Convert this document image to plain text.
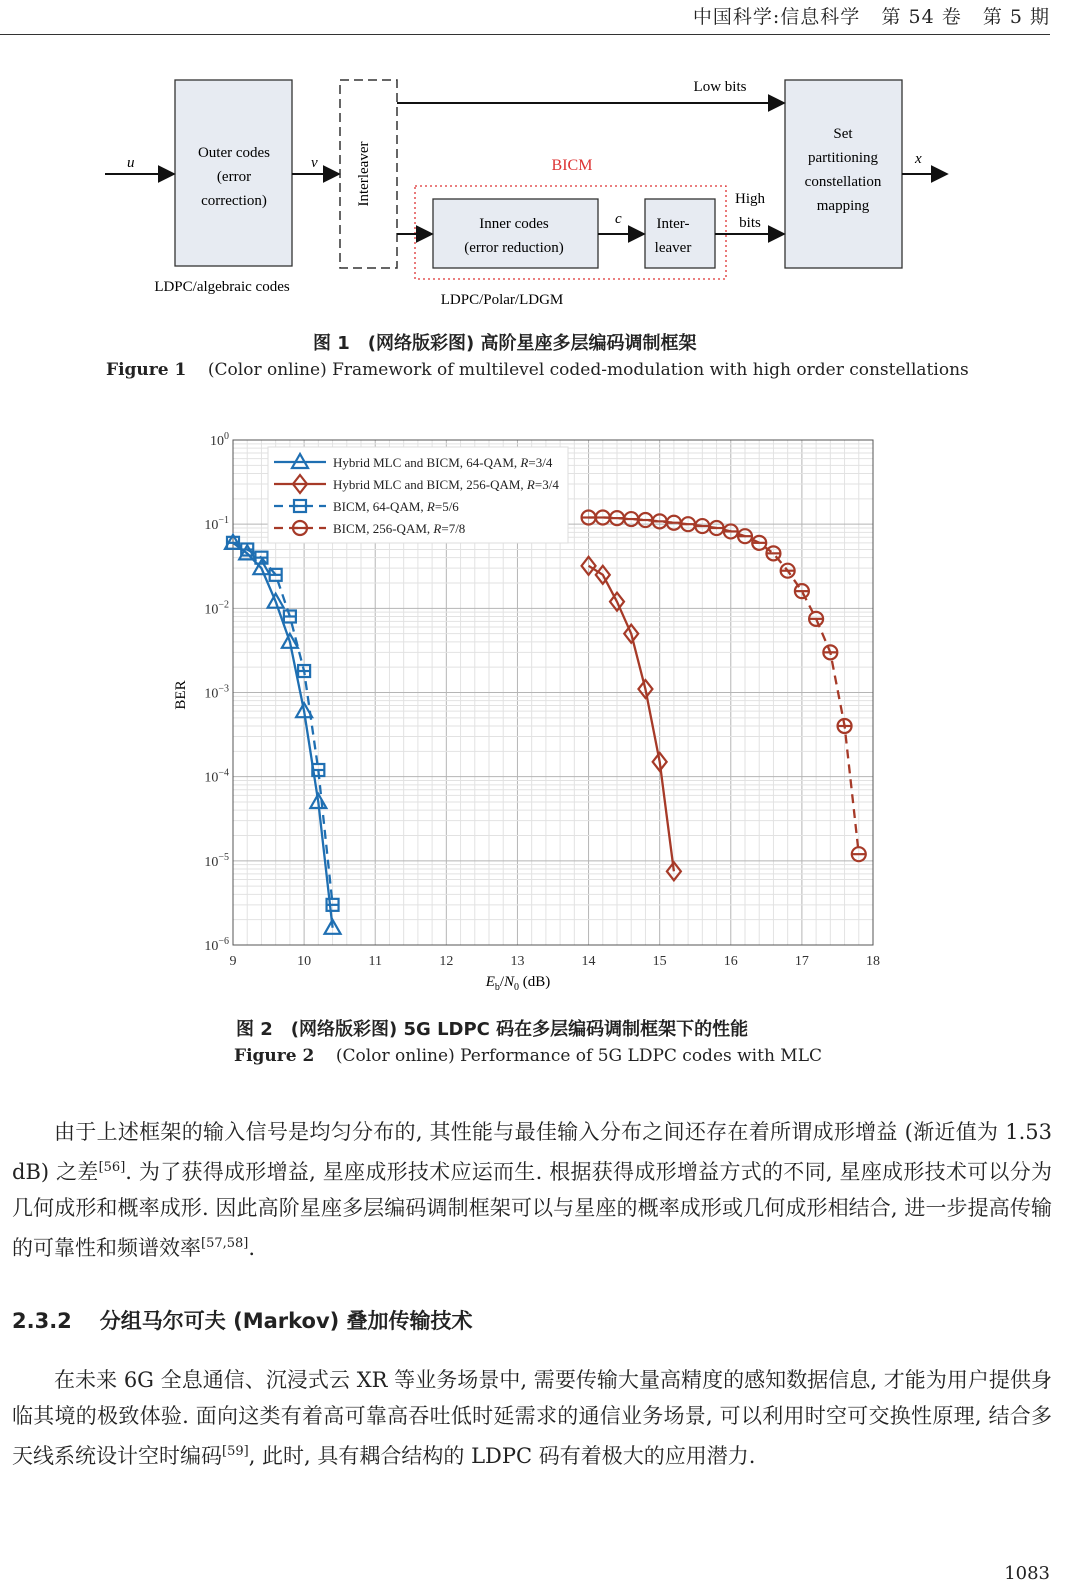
中国科学:信息科学 第 54 卷 第 5 期
Outer codes
(error
correction)	Interleaver	BICM
Inner codes
(error reduction)
Inter-
leaver
Set
partitioning
constellation
mapping
u	v
Low bits
c
High
bits
x
LDPC/algebraic codes
LDPC/Polar/LDGM
图 1　(网络版彩图) 高阶星座多层编码调制框架
Figure 1 (Color online) Framework of multilevel coded-modulation with high order constellations
9	10	11	12	13	14	15	16	17	18
$10^0$
$10^{-1}$
$10^{-2}$
$10^{-3}$
$10^{-4}$
$10^{-5}$
$10^{-6}$
Hybrid MLC and BICM, 64-QAM, R=3/4
Hybrid MLC and BICM, 256-QAM, R=3/4
BICM, 64-QAM, R=5/6
BICM, 256-QAM, R=7/8
$E_b/N_0$ (dB)
BER
图 2　(网络版彩图) 5G LDPC 码在多层编码调制框架下的性能
Figure 2 (Color online) Performance of 5G LDPC codes with MLC

由于上述框架的输入信号是均匀分布的, 其性能与最佳输入分布之间还存在着所谓成形增益 (渐近值为 1.53 dB) 之差[56]. 为了获得成形增益, 星座成形技术应运而生. 根据获得成形增益方式的不同, 星座成形技术可以分为几何成形和概率成形. 因此高阶星座多层编码调制框架可以与星座的概率成形或几何成形相结合, 进一步提高传输的可靠性和频谱效率[57,58].

2.3.2 分组马尔可夫 (Markov) 叠加传输技术

在未来 6G 全息通信、沉浸式云 XR 等业务场景中, 需要传输大量高精度的感知数据信息, 才能为用户提供身临其境的极致体验. 面向这类有着高可靠高吞吐低时延需求的通信业务场景, 可以利用时空可交换性原理, 结合多天线系统设计空时编码[59], 此时, 具有耦合结构的 LDPC 码有着极大的应用潜力.

1083
